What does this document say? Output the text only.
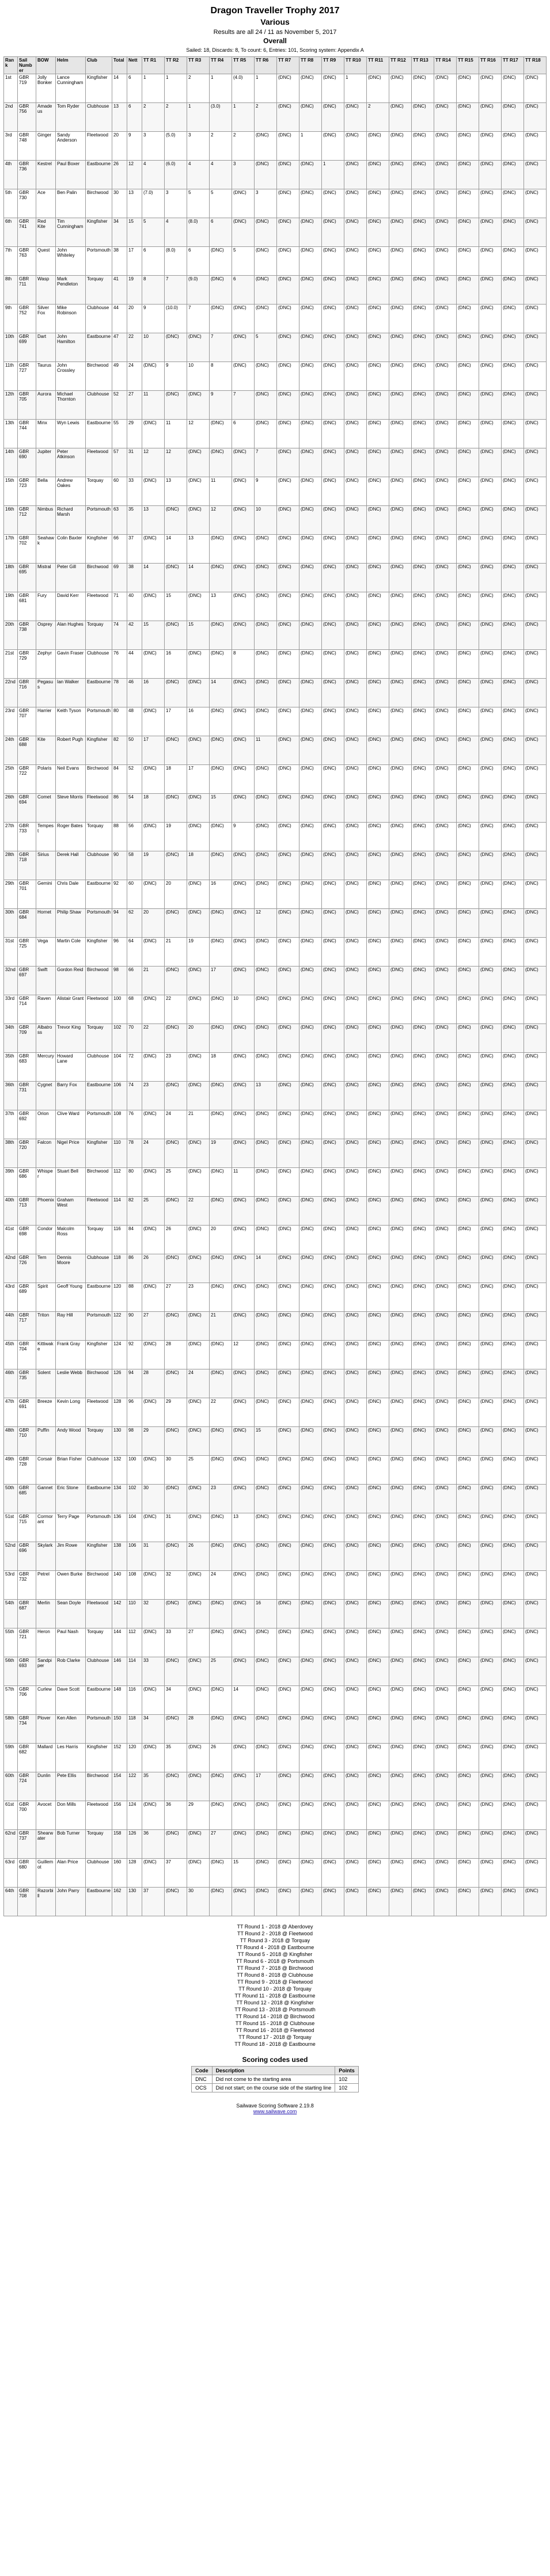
Dragon Traveller Trophy 2017
Various
Results are all 24 / 11 as November 5, 2017
Overall
Sailed: 18, Discards: 8, To count: 6, Entries: 101, Scoring system: Appendix A
Rank	Sail Number	BOW	Helm	Club	Total	Nett	TT R1	TT R2	TT R3	TT R4	TT R5	TT R6	TT R7	TT R8	TT R9	TT R10	TT R11	TT R12	TT R13	TT R14	TT R15	TT R16	TT R17	TT R18
1st	GBR 719	Jolly Bonker	Lance Cunningham	Kingfisher	14	6	1	1	2	1	(4.0)	1	(DNC)	(DNC)	(DNC)	1	(DNC)	(DNC)	(DNC)	(DNC)	(DNC)	(DNC)	(DNC)	(DNC)
2nd	GBR 756	Amadeus	Tom Ryder	Clubhouse	13	6	2	2	1	(3.0)	1	2	(DNC)	(DNC)	(DNC)	(DNC)	2	(DNC)	(DNC)	(DNC)	(DNC)	(DNC)	(DNC)	(DNC)
3rd	GBR 748	Ginger	Sandy Anderson	Fleetwood	20	9	3	(5.0)	3	2	2	(DNC)	(DNC)	1	(DNC)	(DNC)	(DNC)	(DNC)	(DNC)	(DNC)	(DNC)	(DNC)	(DNC)	(DNC)
4th	GBR 736	Kestrel	Paul Boxer	Eastbourne	26	12	4	(6.0)	4	4	3	(DNC)	(DNC)	(DNC)	1	(DNC)	(DNC)	(DNC)	(DNC)	(DNC)	(DNC)	(DNC)	(DNC)	(DNC)
5th	GBR 730	Ace	Ben Palin	Birchwood	30	13	(7.0)	3	5	5	(DNC)	3	(DNC)	(DNC)	(DNC)	(DNC)	(DNC)	(DNC)	(DNC)	(DNC)	(DNC)	(DNC)	(DNC)	(DNC)
6th	GBR 741	Red Kite	Tim Cunningham	Kingfisher	34	15	5	4	(8.0)	6	(DNC)	(DNC)	(DNC)	(DNC)	(DNC)	(DNC)	(DNC)	(DNC)	(DNC)	(DNC)	(DNC)	(DNC)	(DNC)	(DNC)
7th	GBR 763	Quest	John Whiteley	Portsmouth	38	17	6	(8.0)	6	(DNC)	5	(DNC)	(DNC)	(DNC)	(DNC)	(DNC)	(DNC)	(DNC)	(DNC)	(DNC)	(DNC)	(DNC)	(DNC)	(DNC)
8th	GBR 711	Wasp	Mark Pendleton	Torquay	41	19	8	7	(9.0)	(DNC)	6	(DNC)	(DNC)	(DNC)	(DNC)	(DNC)	(DNC)	(DNC)	(DNC)	(DNC)	(DNC)	(DNC)	(DNC)	(DNC)
9th	GBR 752	Silver Fox	Mike Robinson	Clubhouse	44	20	9	(10.0)	7	(DNC)	(DNC)	(DNC)	(DNC)	(DNC)	(DNC)	(DNC)	(DNC)	(DNC)	(DNC)	(DNC)	(DNC)	(DNC)	(DNC)	(DNC)
10th	GBR 699	Dart	John Hamilton	Eastbourne	47	22	10	(DNC)	(DNC)	7	(DNC)	5	(DNC)	(DNC)	(DNC)	(DNC)	(DNC)	(DNC)	(DNC)	(DNC)	(DNC)	(DNC)	(DNC)	(DNC)
11th	GBR 727	Taurus	John Crossley	Birchwood	49	24	(DNC)	9	10	8	(DNC)	(DNC)	(DNC)	(DNC)	(DNC)	(DNC)	(DNC)	(DNC)	(DNC)	(DNC)	(DNC)	(DNC)	(DNC)	(DNC)
12th	GBR 705	Aurora	Michael Thornton	Clubhouse	52	27	11	(DNC)	(DNC)	9	7	(DNC)	(DNC)	(DNC)	(DNC)	(DNC)	(DNC)	(DNC)	(DNC)	(DNC)	(DNC)	(DNC)	(DNC)	(DNC)
13th	GBR 744	Minx	Wyn Lewis	Eastbourne	55	29	(DNC)	11	12	(DNC)	6	(DNC)	(DNC)	(DNC)	(DNC)	(DNC)	(DNC)	(DNC)	(DNC)	(DNC)	(DNC)	(DNC)	(DNC)	(DNC)
14th	GBR 690	Jupiter	Peter Atkinson	Fleetwood	57	31	12	12	(DNC)	(DNC)	(DNC)	7	(DNC)	(DNC)	(DNC)	(DNC)	(DNC)	(DNC)	(DNC)	(DNC)	(DNC)	(DNC)	(DNC)	(DNC)
15th	GBR 723	Bella	Andrew Oakes	Torquay	60	33	(DNC)	13	(DNC)	11	(DNC)	9	(DNC)	(DNC)	(DNC)	(DNC)	(DNC)	(DNC)	(DNC)	(DNC)	(DNC)	(DNC)	(DNC)	(DNC)
16th	GBR 712	Nimbus	Richard Marsh	Portsmouth	63	35	13	(DNC)	(DNC)	12	(DNC)	10	(DNC)	(DNC)	(DNC)	(DNC)	(DNC)	(DNC)	(DNC)	(DNC)	(DNC)	(DNC)	(DNC)	(DNC)
17th	GBR 702	Seahawk	Colin Baxter	Kingfisher	66	37	(DNC)	14	13	(DNC)	(DNC)	(DNC)	(DNC)	(DNC)	(DNC)	(DNC)	(DNC)	(DNC)	(DNC)	(DNC)	(DNC)	(DNC)	(DNC)	(DNC)
18th	GBR 695	Mistral	Peter Gill	Birchwood	69	38	14	(DNC)	14	(DNC)	(DNC)	(DNC)	(DNC)	(DNC)	(DNC)	(DNC)	(DNC)	(DNC)	(DNC)	(DNC)	(DNC)	(DNC)	(DNC)	(DNC)
19th	GBR 681	Fury	David Kerr	Fleetwood	71	40	(DNC)	15	(DNC)	13	(DNC)	(DNC)	(DNC)	(DNC)	(DNC)	(DNC)	(DNC)	(DNC)	(DNC)	(DNC)	(DNC)	(DNC)	(DNC)	(DNC)
20th	GBR 738	Osprey	Alan Hughes	Torquay	74	42	15	(DNC)	15	(DNC)	(DNC)	(DNC)	(DNC)	(DNC)	(DNC)	(DNC)	(DNC)	(DNC)	(DNC)	(DNC)	(DNC)	(DNC)	(DNC)	(DNC)
21st	GBR 729	Zephyr	Gavin Fraser	Clubhouse	76	44	(DNC)	16	(DNC)	(DNC)	8	(DNC)	(DNC)	(DNC)	(DNC)	(DNC)	(DNC)	(DNC)	(DNC)	(DNC)	(DNC)	(DNC)	(DNC)	(DNC)
22nd	GBR 716	Pegasus	Ian Walker	Eastbourne	78	46	16	(DNC)	(DNC)	14	(DNC)	(DNC)	(DNC)	(DNC)	(DNC)	(DNC)	(DNC)	(DNC)	(DNC)	(DNC)	(DNC)	(DNC)	(DNC)	(DNC)
23rd	GBR 707	Harrier	Keith Tyson	Portsmouth	80	48	(DNC)	17	16	(DNC)	(DNC)	(DNC)	(DNC)	(DNC)	(DNC)	(DNC)	(DNC)	(DNC)	(DNC)	(DNC)	(DNC)	(DNC)	(DNC)	(DNC)
24th	GBR 688	Kite	Robert Pugh	Kingfisher	82	50	17	(DNC)	(DNC)	(DNC)	(DNC)	11	(DNC)	(DNC)	(DNC)	(DNC)	(DNC)	(DNC)	(DNC)	(DNC)	(DNC)	(DNC)	(DNC)	(DNC)
25th	GBR 722	Polaris	Neil Evans	Birchwood	84	52	(DNC)	18	17	(DNC)	(DNC)	(DNC)	(DNC)	(DNC)	(DNC)	(DNC)	(DNC)	(DNC)	(DNC)	(DNC)	(DNC)	(DNC)	(DNC)	(DNC)
26th	GBR 694	Comet	Steve Morris	Fleetwood	86	54	18	(DNC)	(DNC)	15	(DNC)	(DNC)	(DNC)	(DNC)	(DNC)	(DNC)	(DNC)	(DNC)	(DNC)	(DNC)	(DNC)	(DNC)	(DNC)	(DNC)
27th	GBR 733	Tempest	Roger Bates	Torquay	88	56	(DNC)	19	(DNC)	(DNC)	9	(DNC)	(DNC)	(DNC)	(DNC)	(DNC)	(DNC)	(DNC)	(DNC)	(DNC)	(DNC)	(DNC)	(DNC)	(DNC)
28th	GBR 718	Sirius	Derek Hall	Clubhouse	90	58	19	(DNC)	18	(DNC)	(DNC)	(DNC)	(DNC)	(DNC)	(DNC)	(DNC)	(DNC)	(DNC)	(DNC)	(DNC)	(DNC)	(DNC)	(DNC)	(DNC)
29th	GBR 701	Gemini	Chris Dale	Eastbourne	92	60	(DNC)	20	(DNC)	16	(DNC)	(DNC)	(DNC)	(DNC)	(DNC)	(DNC)	(DNC)	(DNC)	(DNC)	(DNC)	(DNC)	(DNC)	(DNC)	(DNC)
30th	GBR 684	Hornet	Philip Shaw	Portsmouth	94	62	20	(DNC)	(DNC)	(DNC)	(DNC)	12	(DNC)	(DNC)	(DNC)	(DNC)	(DNC)	(DNC)	(DNC)	(DNC)	(DNC)	(DNC)	(DNC)	(DNC)
31st	GBR 725	Vega	Martin Cole	Kingfisher	96	64	(DNC)	21	19	(DNC)	(DNC)	(DNC)	(DNC)	(DNC)	(DNC)	(DNC)	(DNC)	(DNC)	(DNC)	(DNC)	(DNC)	(DNC)	(DNC)	(DNC)
32nd	GBR 697	Swift	Gordon Reid	Birchwood	98	66	21	(DNC)	(DNC)	17	(DNC)	(DNC)	(DNC)	(DNC)	(DNC)	(DNC)	(DNC)	(DNC)	(DNC)	(DNC)	(DNC)	(DNC)	(DNC)	(DNC)
33rd	GBR 714	Raven	Alistair Grant	Fleetwood	100	68	(DNC)	22	(DNC)	(DNC)	10	(DNC)	(DNC)	(DNC)	(DNC)	(DNC)	(DNC)	(DNC)	(DNC)	(DNC)	(DNC)	(DNC)	(DNC)	(DNC)
34th	GBR 709	Albatross	Trevor King	Torquay	102	70	22	(DNC)	20	(DNC)	(DNC)	(DNC)	(DNC)	(DNC)	(DNC)	(DNC)	(DNC)	(DNC)	(DNC)	(DNC)	(DNC)	(DNC)	(DNC)	(DNC)
35th	GBR 683	Mercury	Howard Lane	Clubhouse	104	72	(DNC)	23	(DNC)	18	(DNC)	(DNC)	(DNC)	(DNC)	(DNC)	(DNC)	(DNC)	(DNC)	(DNC)	(DNC)	(DNC)	(DNC)	(DNC)	(DNC)
36th	GBR 731	Cygnet	Barry Fox	Eastbourne	106	74	23	(DNC)	(DNC)	(DNC)	(DNC)	13	(DNC)	(DNC)	(DNC)	(DNC)	(DNC)	(DNC)	(DNC)	(DNC)	(DNC)	(DNC)	(DNC)	(DNC)
37th	GBR 692	Orion	Clive Ward	Portsmouth	108	76	(DNC)	24	21	(DNC)	(DNC)	(DNC)	(DNC)	(DNC)	(DNC)	(DNC)	(DNC)	(DNC)	(DNC)	(DNC)	(DNC)	(DNC)	(DNC)	(DNC)
38th	GBR 720	Falcon	Nigel Price	Kingfisher	110	78	24	(DNC)	(DNC)	19	(DNC)	(DNC)	(DNC)	(DNC)	(DNC)	(DNC)	(DNC)	(DNC)	(DNC)	(DNC)	(DNC)	(DNC)	(DNC)	(DNC)
39th	GBR 686	Whisper	Stuart Bell	Birchwood	112	80	(DNC)	25	(DNC)	(DNC)	11	(DNC)	(DNC)	(DNC)	(DNC)	(DNC)	(DNC)	(DNC)	(DNC)	(DNC)	(DNC)	(DNC)	(DNC)	(DNC)
40th	GBR 713	Phoenix	Graham West	Fleetwood	114	82	25	(DNC)	22	(DNC)	(DNC)	(DNC)	(DNC)	(DNC)	(DNC)	(DNC)	(DNC)	(DNC)	(DNC)	(DNC)	(DNC)	(DNC)	(DNC)	(DNC)
41st	GBR 698	Condor	Malcolm Ross	Torquay	116	84	(DNC)	26	(DNC)	20	(DNC)	(DNC)	(DNC)	(DNC)	(DNC)	(DNC)	(DNC)	(DNC)	(DNC)	(DNC)	(DNC)	(DNC)	(DNC)	(DNC)
42nd	GBR 726	Tern	Dennis Moore	Clubhouse	118	86	26	(DNC)	(DNC)	(DNC)	(DNC)	14	(DNC)	(DNC)	(DNC)	(DNC)	(DNC)	(DNC)	(DNC)	(DNC)	(DNC)	(DNC)	(DNC)	(DNC)
43rd	GBR 689	Spirit	Geoff Young	Eastbourne	120	88	(DNC)	27	23	(DNC)	(DNC)	(DNC)	(DNC)	(DNC)	(DNC)	(DNC)	(DNC)	(DNC)	(DNC)	(DNC)	(DNC)	(DNC)	(DNC)	(DNC)
44th	GBR 717	Triton	Ray Hill	Portsmouth	122	90	27	(DNC)	(DNC)	21	(DNC)	(DNC)	(DNC)	(DNC)	(DNC)	(DNC)	(DNC)	(DNC)	(DNC)	(DNC)	(DNC)	(DNC)	(DNC)	(DNC)
45th	GBR 704	Kittiwake	Frank Gray	Kingfisher	124	92	(DNC)	28	(DNC)	(DNC)	12	(DNC)	(DNC)	(DNC)	(DNC)	(DNC)	(DNC)	(DNC)	(DNC)	(DNC)	(DNC)	(DNC)	(DNC)	(DNC)
46th	GBR 735	Solent	Leslie Webb	Birchwood	126	94	28	(DNC)	24	(DNC)	(DNC)	(DNC)	(DNC)	(DNC)	(DNC)	(DNC)	(DNC)	(DNC)	(DNC)	(DNC)	(DNC)	(DNC)	(DNC)	(DNC)
47th	GBR 691	Breeze	Kevin Long	Fleetwood	128	96	(DNC)	29	(DNC)	22	(DNC)	(DNC)	(DNC)	(DNC)	(DNC)	(DNC)	(DNC)	(DNC)	(DNC)	(DNC)	(DNC)	(DNC)	(DNC)	(DNC)
48th	GBR 710	Puffin	Andy Wood	Torquay	130	98	29	(DNC)	(DNC)	(DNC)	(DNC)	15	(DNC)	(DNC)	(DNC)	(DNC)	(DNC)	(DNC)	(DNC)	(DNC)	(DNC)	(DNC)	(DNC)	(DNC)
49th	GBR 728	Corsair	Brian Fisher	Clubhouse	132	100	(DNC)	30	25	(DNC)	(DNC)	(DNC)	(DNC)	(DNC)	(DNC)	(DNC)	(DNC)	(DNC)	(DNC)	(DNC)	(DNC)	(DNC)	(DNC)	(DNC)
50th	GBR 685	Gannet	Eric Stone	Eastbourne	134	102	30	(DNC)	(DNC)	23	(DNC)	(DNC)	(DNC)	(DNC)	(DNC)	(DNC)	(DNC)	(DNC)	(DNC)	(DNC)	(DNC)	(DNC)	(DNC)	(DNC)
51st	GBR 715	Cormorant	Terry Page	Portsmouth	136	104	(DNC)	31	(DNC)	(DNC)	13	(DNC)	(DNC)	(DNC)	(DNC)	(DNC)	(DNC)	(DNC)	(DNC)	(DNC)	(DNC)	(DNC)	(DNC)	(DNC)
52nd	GBR 696	Skylark	Jim Rowe	Kingfisher	138	106	31	(DNC)	26	(DNC)	(DNC)	(DNC)	(DNC)	(DNC)	(DNC)	(DNC)	(DNC)	(DNC)	(DNC)	(DNC)	(DNC)	(DNC)	(DNC)	(DNC)
53rd	GBR 732	Petrel	Owen Burke	Birchwood	140	108	(DNC)	32	(DNC)	24	(DNC)	(DNC)	(DNC)	(DNC)	(DNC)	(DNC)	(DNC)	(DNC)	(DNC)	(DNC)	(DNC)	(DNC)	(DNC)	(DNC)
54th	GBR 687	Merlin	Sean Doyle	Fleetwood	142	110	32	(DNC)	(DNC)	(DNC)	(DNC)	16	(DNC)	(DNC)	(DNC)	(DNC)	(DNC)	(DNC)	(DNC)	(DNC)	(DNC)	(DNC)	(DNC)	(DNC)
55th	GBR 721	Heron	Paul Nash	Torquay	144	112	(DNC)	33	27	(DNC)	(DNC)	(DNC)	(DNC)	(DNC)	(DNC)	(DNC)	(DNC)	(DNC)	(DNC)	(DNC)	(DNC)	(DNC)	(DNC)	(DNC)
56th	GBR 693	Sandpiper	Rob Clarke	Clubhouse	146	114	33	(DNC)	(DNC)	25	(DNC)	(DNC)	(DNC)	(DNC)	(DNC)	(DNC)	(DNC)	(DNC)	(DNC)	(DNC)	(DNC)	(DNC)	(DNC)	(DNC)
57th	GBR 706	Curlew	Dave Scott	Eastbourne	148	116	(DNC)	34	(DNC)	(DNC)	14	(DNC)	(DNC)	(DNC)	(DNC)	(DNC)	(DNC)	(DNC)	(DNC)	(DNC)	(DNC)	(DNC)	(DNC)	(DNC)
58th	GBR 734	Plover	Ken Allen	Portsmouth	150	118	34	(DNC)	28	(DNC)	(DNC)	(DNC)	(DNC)	(DNC)	(DNC)	(DNC)	(DNC)	(DNC)	(DNC)	(DNC)	(DNC)	(DNC)	(DNC)	(DNC)
59th	GBR 682	Mallard	Les Harris	Kingfisher	152	120	(DNC)	35	(DNC)	26	(DNC)	(DNC)	(DNC)	(DNC)	(DNC)	(DNC)	(DNC)	(DNC)	(DNC)	(DNC)	(DNC)	(DNC)	(DNC)	(DNC)
60th	GBR 724	Dunlin	Pete Ellis	Birchwood	154	122	35	(DNC)	(DNC)	(DNC)	(DNC)	17	(DNC)	(DNC)	(DNC)	(DNC)	(DNC)	(DNC)	(DNC)	(DNC)	(DNC)	(DNC)	(DNC)	(DNC)
61st	GBR 700	Avocet	Don Mills	Fleetwood	156	124	(DNC)	36	29	(DNC)	(DNC)	(DNC)	(DNC)	(DNC)	(DNC)	(DNC)	(DNC)	(DNC)	(DNC)	(DNC)	(DNC)	(DNC)	(DNC)	(DNC)
62nd	GBR 737	Shearwater	Bob Turner	Torquay	158	126	36	(DNC)	(DNC)	27	(DNC)	(DNC)	(DNC)	(DNC)	(DNC)	(DNC)	(DNC)	(DNC)	(DNC)	(DNC)	(DNC)	(DNC)	(DNC)	(DNC)
63rd	GBR 680	Guillemot	Alan Price	Clubhouse	160	128	(DNC)	37	(DNC)	(DNC)	15	(DNC)	(DNC)	(DNC)	(DNC)	(DNC)	(DNC)	(DNC)	(DNC)	(DNC)	(DNC)	(DNC)	(DNC)	(DNC)
64th	GBR 708	Razorbill	John Parry	Eastbourne	162	130	37	(DNC)	30	(DNC)	(DNC)	(DNC)	(DNC)	(DNC)	(DNC)	(DNC)	(DNC)	(DNC)	(DNC)	(DNC)	(DNC)	(DNC)	(DNC)	(DNC)
TT Round 1 - 2018 @ Aberdovey
TT Round 2 - 2018 @ Fleetwood
TT Round 3 - 2018 @ Torquay
TT Round 4 - 2018 @ Eastbourne
TT Round 5 - 2018 @ Kingfisher
TT Round 6 - 2018 @ Portsmouth
TT Round 7 - 2018 @ Birchwood
TT Round 8 - 2018 @ Clubhouse
TT Round 9 - 2018 @ Fleetwood
TT Round 10 - 2018 @ Torquay
TT Round 11 - 2018 @ Eastbourne
TT Round 12 - 2018 @ Kingfisher
TT Round 13 - 2018 @ Portsmouth
TT Round 14 - 2018 @ Birchwood
TT Round 15 - 2018 @ Clubhouse
TT Round 16 - 2018 @ Fleetwood
TT Round 17 - 2018 @ Torquay
TT Round 18 - 2018 @ Eastbourne
Scoring codes used
Code	Description	Points
DNC	Did not come to the starting area	102
OCS	Did not start; on the course side of the starting line	102
Sailwave Scoring Software 2.19.8
www.sailwave.com
